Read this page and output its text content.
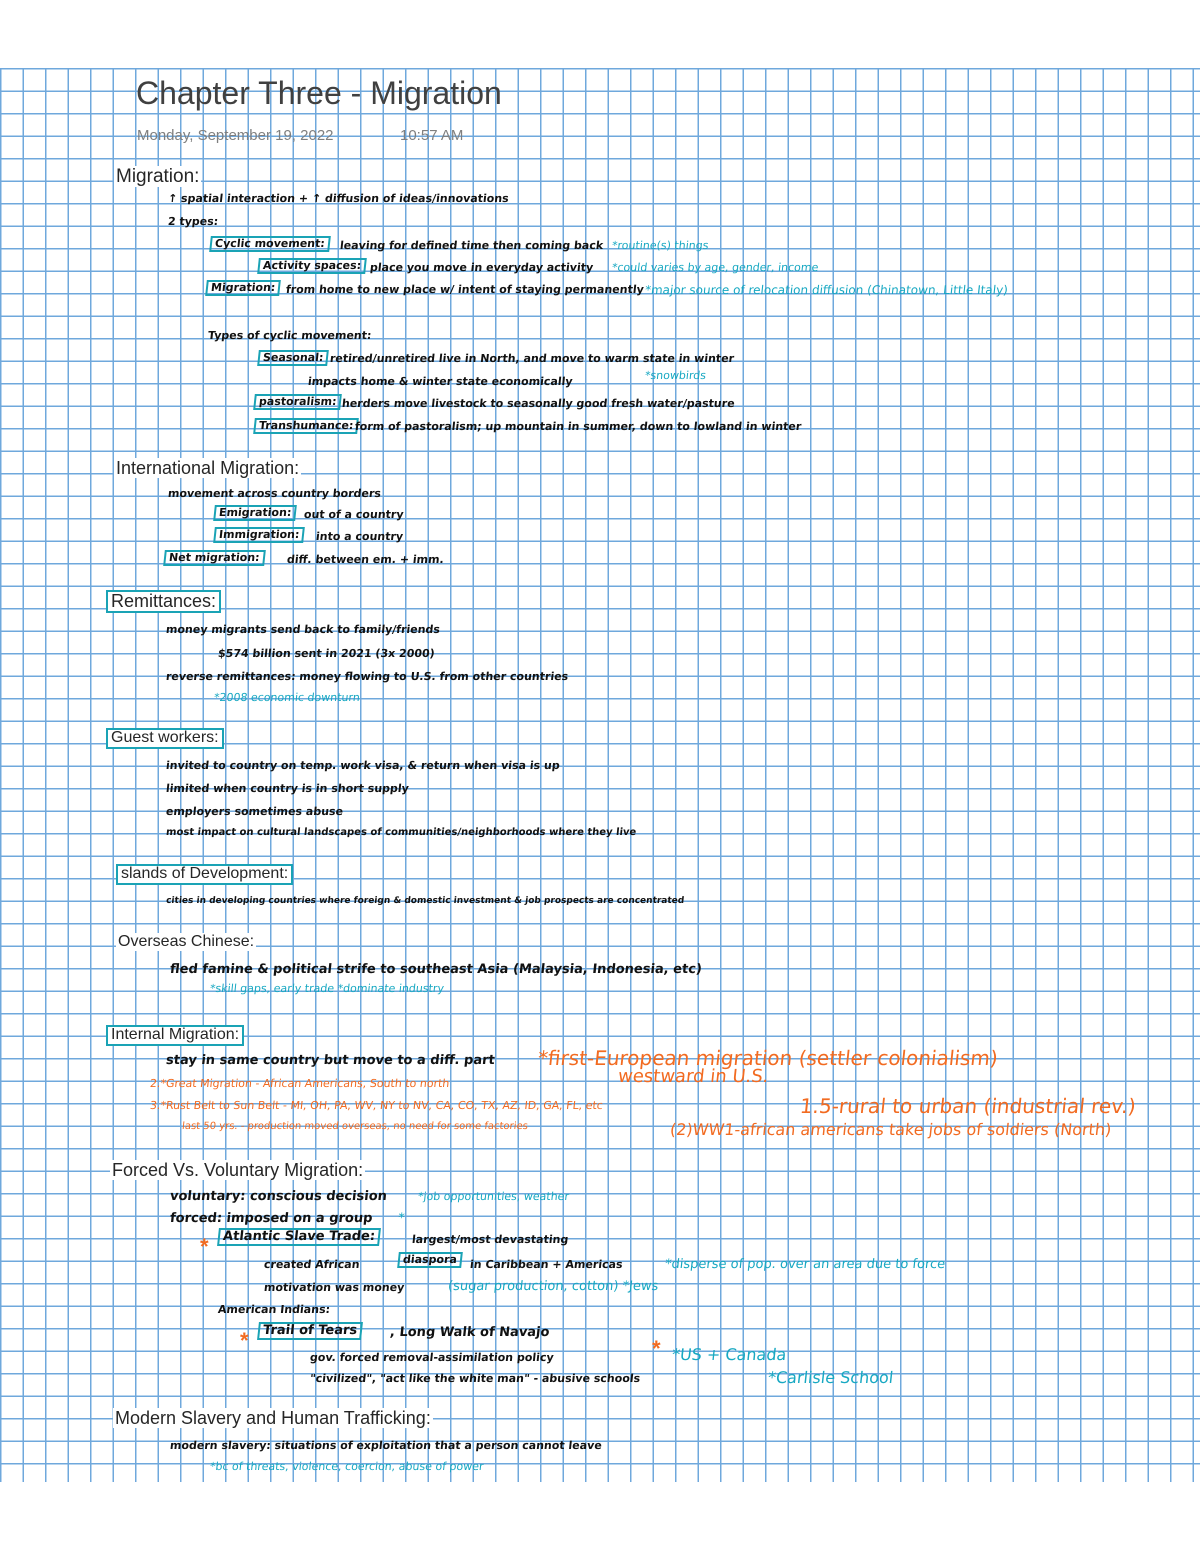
Chapter Three - Migration
Monday, September 19, 2022	10:57 AM
Migration:
↑ spatial interaction + ↑ diffusion of ideas/innovations
2 types:
Cyclic movement:	leaving for defined time then coming back *routine(s) things
Activity spaces: place you move in everyday activity *could varies by age, gender, income
Migration: from home to new place w/ intent of staying permanently *major source of relocation diffusion (Chinatown, Little Italy)
Types of cyclic movement:
Seasonal: retired/unretired live in North, and move to warm state in winter
impacts home & winter state economically	*snowbirds
pastoralism: herders move livestock to seasonally good fresh water/pasture
Transhumance: form of pastoralism; up mountain in summer, down to lowland in winter
International Migration:
movement across country borders
Emigration:	out of a country
Immigration:	into a country
Net migration:	diff. between em. + imm.
Remittances:
money migrants send back to family/friends
$574 billion sent in 2021 (3x 2000)
reverse remittances: money flowing to U.S. from other countries
*2008 economic downturn
Guest workers:
invited to country on temp. work visa, & return when visa is up
limited when country is in short supply
employers sometimes abuse
most impact on cultural landscapes of communities/neighborhoods where they live
slands of Development:
cities in developing countries where foreign & domestic investment & job prospects are concentrated
Overseas Chinese:
fled famine & political strife to southeast Asia (Malaysia, Indonesia, etc)
*skill gaps, early trade *dominate industry
Internal Migration:
stay in same country but move to a diff. part *first-European migration (settler colonialism)
westward in U.S.
2.*Great Migration - African Americans, South to north
3.*Rust Belt to Sun Belt - MI, OH, PA, WV, NY to NV, CA, CO, TX, AZ, ID, GA, FL, etc
last 50 yrs. - production moved overseas, no need for some factories
1.5-rural to urban (industrial rev.)
(2)WW1-african americans take jobs of soldiers (North)
Forced Vs. Voluntary Migration:
voluntary: conscious decision	*job opportunities, weather
forced: imposed on a group *
*	Atlantic Slave Trade:	largest/most devastating
created African	diaspora	in Caribbean + Americas	*disperse of pop. over an area due to force
motivation was money	(sugar production, cotton) *Jews
American Indians:
*	Trail of Tears	, Long Walk of Navajo
gov. forced removal-assimilation policy	* *US + Canada
"civilized", "act like the white man" - abusive schools	*Carlisle School
Modern Slavery and Human Trafficking:
modern slavery: situations of exploitation that a person cannot leave
*bc of threats, violence, coercion, abuse of power
